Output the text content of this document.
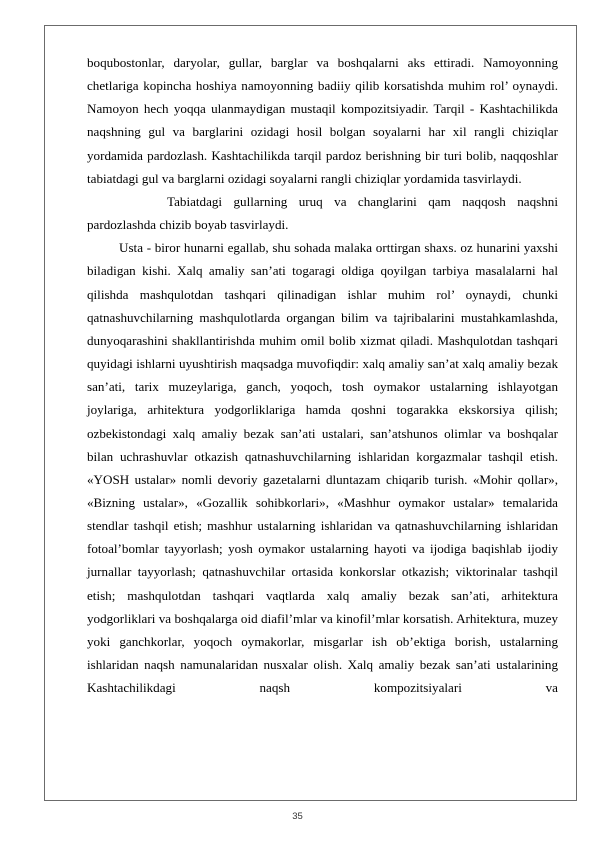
boqubostonlar, daryolar, gullar, barglar va boshqalarni aks ettiradi. Namoyonning chetlariga kopincha hoshiya namoyonning badiiy qilib korsatishda muhim rol’ oynaydi. Namoyon hech yoqqa ulanmaydigan mustaqil kompozitsiyadir. Tarqil - Kashtachilikda naqshning gul va barglarini ozidagi hosil bolgan soyalarni har xil rangli chiziqlar yordamida pardozlash. Kashtachilikda tarqil pardoz berishning bir turi bolib, naqqoshlar tabiatdagi gul va barglarni ozidagi soyalarni rangli chiziqlar yordamida tasvirlaydi.

Tabiatdagi gullarning uruq va changlarini qam naqqosh naqshni pardozlashda chizib boyab tasvirlaydi.

Usta - biror hunarni egallab, shu sohada malaka orttirgan shaxs. oz hunarini yaxshi biladigan kishi. Xalq amaliy san’ati togaragi oldiga qoyilgan tarbiya masalalarni hal qilishda mashqulotdan tashqari qilinadigan ishlar muhim rol’ oynaydi, chunki qatnashuvchilarning mashqulotlarda organgan bilim va tajribalarini mustahkamlashda, dunyoqarashini shakllantirishda muhim omil bolib xizmat qiladi. Mashqulotdan tashqari quyidagi ishlarni uyushtirish maqsadga muvofiqdir: xalq amaliy san’at xalq amaliy bezak san’ati, tarix muzeylariga, ganch, yoqoch, tosh oymakor ustalarning ishlayotgan joylariga, arhitektura yodgorliklariga hamda qoshni togarakka ekskorsiya qilish; ozbekistondagi xalq amaliy bezak san’ati ustalari, san’atshunos olimlar va boshqalar bilan uchrashuvlar otkazish qatnashuvchilarning ishlaridan korgazmalar tashqil etish. «YOSH ustalar» nomli devoriy gazetalarni dluntazam chiqarib turish. «Mohir qollar», «Bizning ustalar», «Gozallik sohibkorlari», «Mashhur oymakor ustalar» temalarida stendlar tashqil etish; mashhur ustalarning ishlaridan va qatnashuvchilarning ishlaridan fotoal’bomlar tayyorlash; yosh oymakor ustalarning hayoti va ijodiga baqishlab ijodiy jurnallar tayyorlash; qatnashuvchilar ortasida konkorslar otkazish; viktorinalar tashqil etish; mashqulotdan tashqari vaqtlarda xalq amaliy bezak san’ati, arhitektura yodgorliklari va boshqalarga oid diafil’mlar va kinofil’mlar korsatish. Arhitektura, muzey yoki ganchkorlar, yoqoch oymakorlar, misgarlar ish ob’ektiga borish, ustalarning ishlaridan naqsh namunalaridan nusxalar olish. Xalq amaliy bezak san’ati ustalarining Kashtachilikdagi naqsh kompozitsiyalari va

35
